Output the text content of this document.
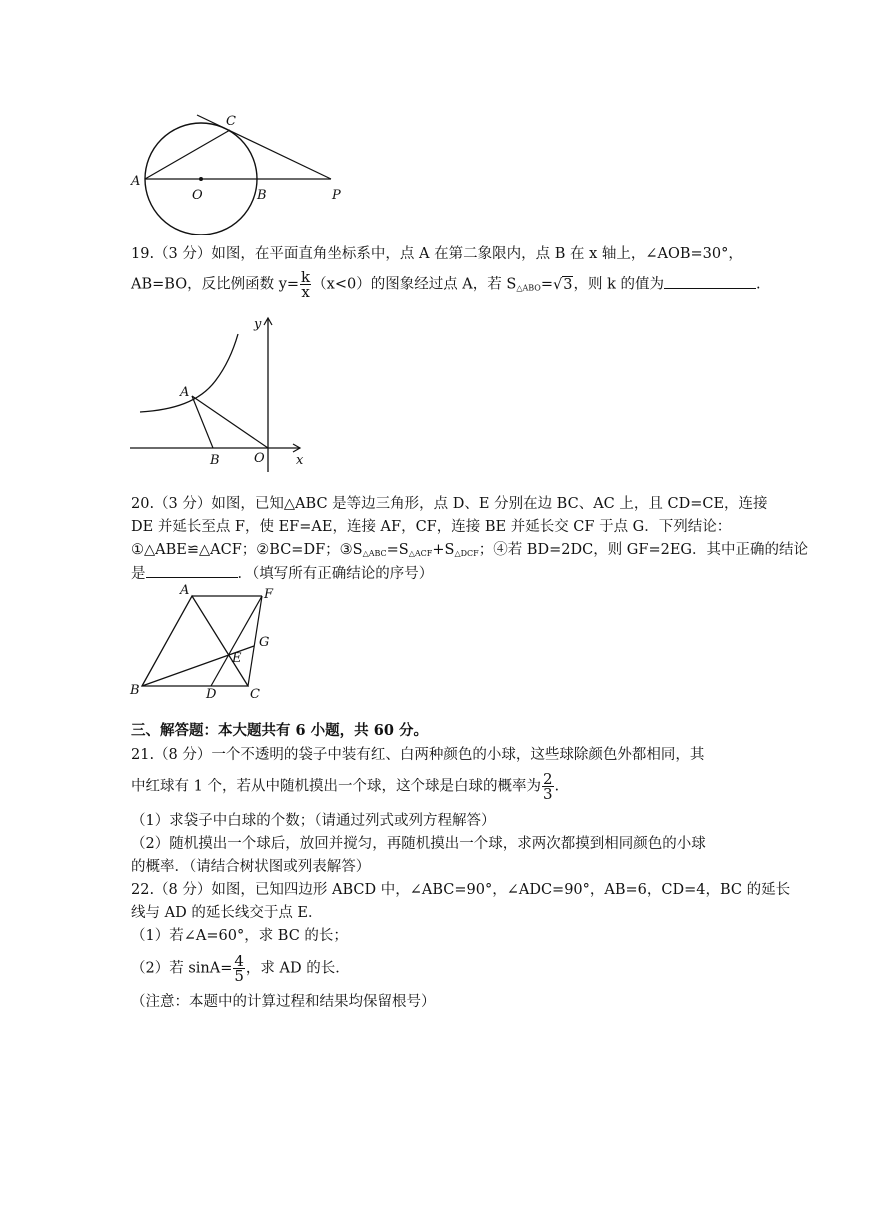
A
O	B	P
C
19.（3 分）如图，在平面直角坐标系中，点 A 在第二象限内，点 B 在 x 轴上，∠AOB=30°，
AB=BO，反比例函数 $y= \frac{k}{x} (x<0)$的图象经过点 A，若 $S_{\triangle ABO}=√3$，则 k 的值为	.
y
x
A
B	O
20.（3 分）如图，已知△ABC 是等边三角形，点 D、E 分别在边 BC、AC 上，且 CD=CE，连接
DE 并延长至点 F，使 EF=AE，连接 AF，CF，连接 BE 并延长交 CF 于点 G．下列结论：
①△ABE≌△ACF；②BC=DF；$③S_{\triangle ABC}=S_{\triangle ACF}+S_{\triangle DCF}$；④若 BD=2DC，则 GF=2EG．其中正确的结论
是	．（填写所有正确结论的序号）
A	F
G
E
B	D	C
三、解答题：本大题共有 6 小题，共 60 分。
21.（8 分）一个不透明的袋子中装有红、白两种颜色的小球，这些球除颜色外都相同，其
中红球有 1 个，若从中随机摸出一个球，这个球是白球的概率为 $\frac{2}{3}$ .
（1）求袋子中白球的个数；（请通过列式或列方程解答）
（2）随机摸出一个球后，放回并搅匀，再随机摸出一个球，求两次都摸到相同颜色的小球
的概率．（请结合树状图或列表解答）
22.（8 分）如图，已知四边形 ABCD 中，∠ABC=90°，∠ADC=90°，AB=6，CD=4，BC 的延长
线与 AD 的延长线交于点 E．
（1）若∠A=60°，求 BC 的长；
（2）若 $\sin A= \frac{4}{5}$ ，求 AD 的长．
（注意：本题中的计算过程和结果均保留根号）
